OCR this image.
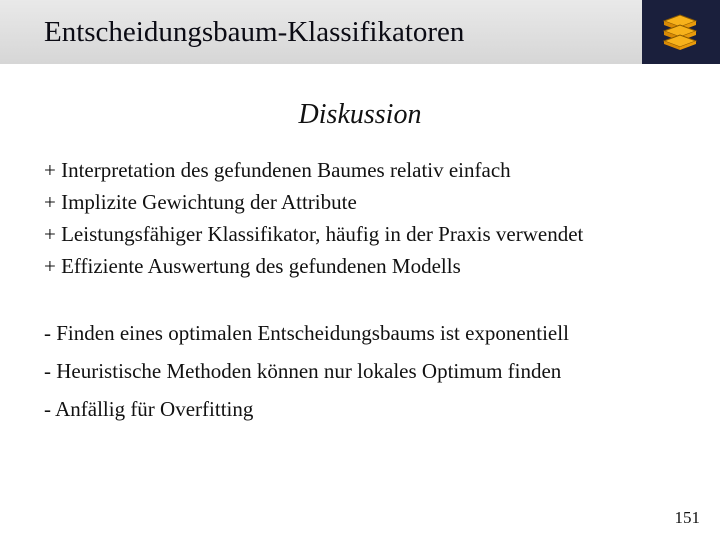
Entscheidungsbaum-Klassifikatoren
Diskussion
+ Interpretation des gefundenen Baumes relativ einfach
+ Implizite Gewichtung der Attribute
+ Leistungsfähiger Klassifikator, häufig in der Praxis verwendet
+ Effiziente Auswertung des gefundenen Modells
- Finden eines optimalen Entscheidungsbaums ist exponentiell
- Heuristische Methoden können nur lokales Optimum finden
- Anfällig für Overfitting
151
